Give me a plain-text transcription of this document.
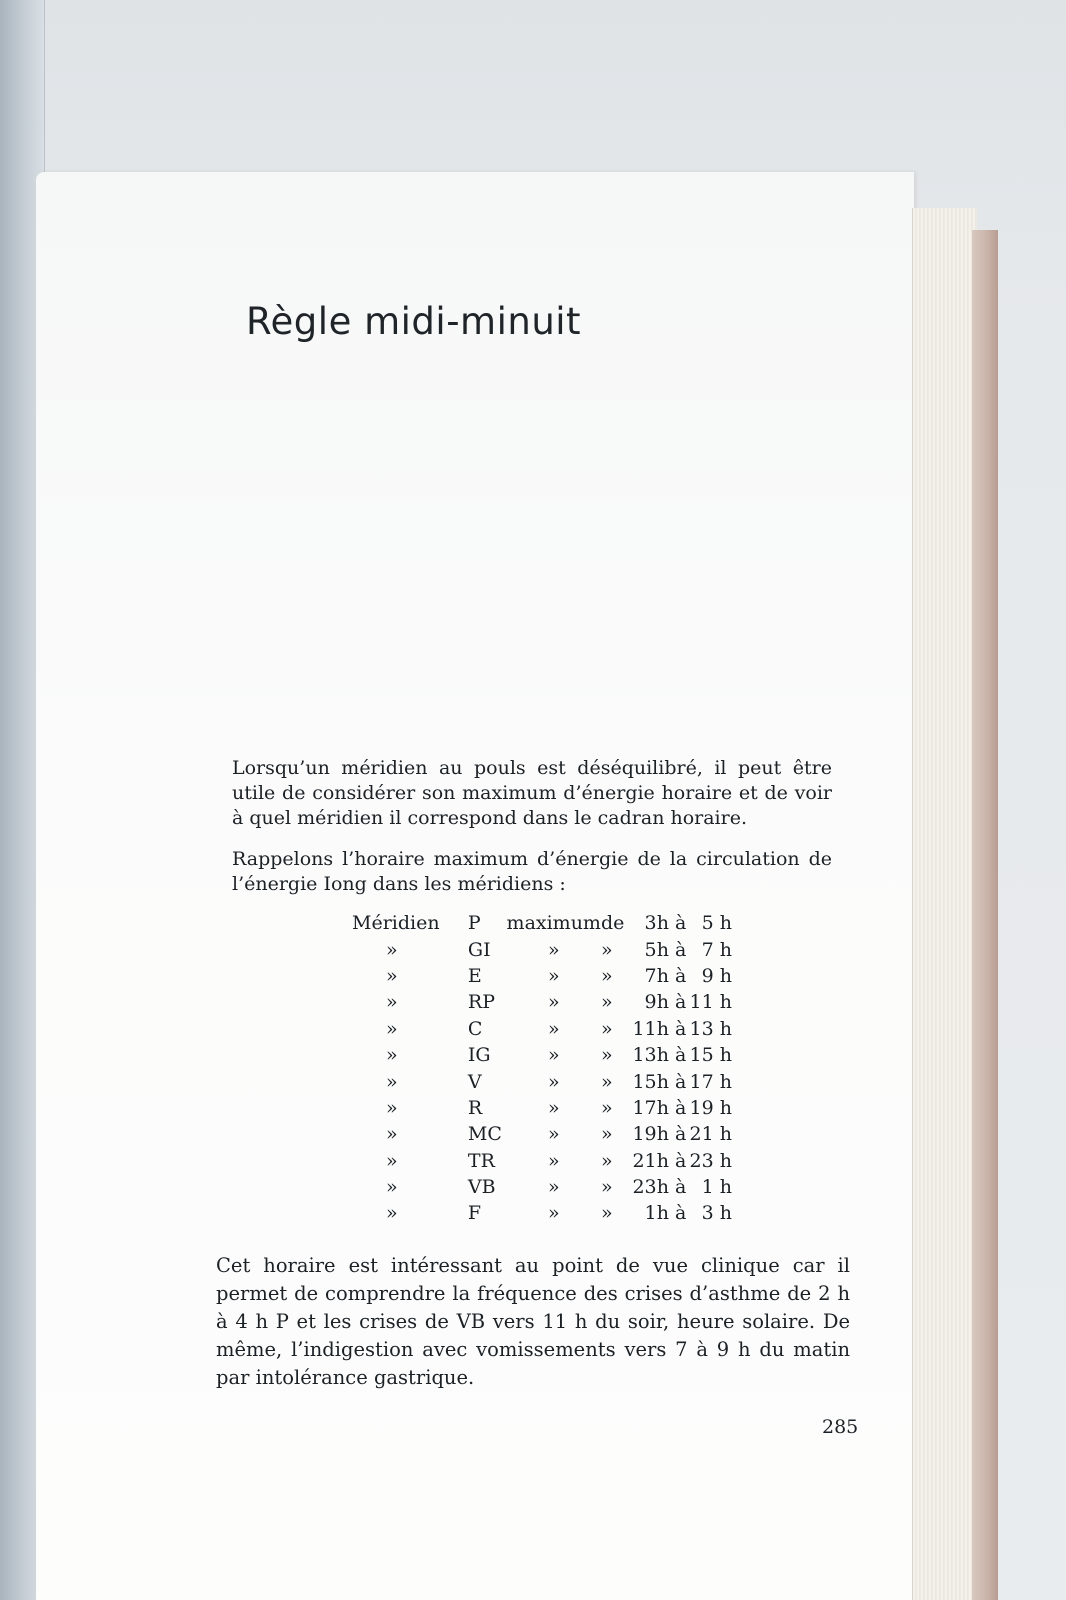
Règle midi-minuit

Lorsqu’un méridien au pouls est déséquilibré, il peut être utile de considérer son maximum d’énergie horaire et de voir à quel méridien il correspond dans le cadran horaire.

Rappelons l’horaire maximum d’énergie de la circulation de l’énergie Iong dans les méridiens :

Méridien	P	maximum	de	3	h à	5	h
»	GI	»	»	5	h à	7	h
»	E	»	»	7	h à	9	h
»	RP	»	»	9	h à	11	h
»	C	»	»	11	h à	13	h
»	IG	»	»	13	h à	15	h
»	V	»	»	15	h à	17	h
»	R	»	»	17	h à	19	h
»	MC	»	»	19	h à	21	h
»	TR	»	»	21	h à	23	h
»	VB	»	»	23	h à	1	h
»	F	»	»	1	h à	3	h

Cet horaire est intéressant au point de vue clinique car il permet de comprendre la fréquence des crises d’asthme de 2 h à 4 h P et les crises de VB vers 11 h du soir, heure solaire. De même, l’indigestion avec vomissements vers 7 à 9 h du matin par intolérance gastrique.

285
